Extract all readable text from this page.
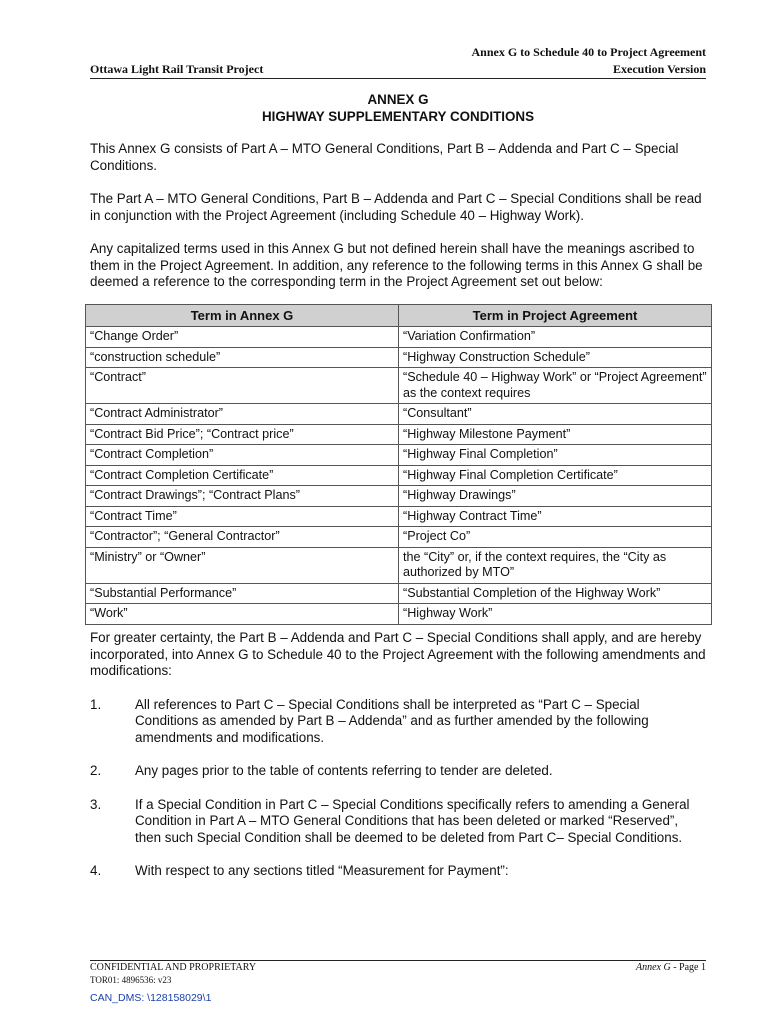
Annex G to Schedule 40 to Project Agreement
Execution Version
Ottawa Light Rail Transit Project
ANNEX G
HIGHWAY SUPPLEMENTARY CONDITIONS

This Annex G consists of Part A – MTO General Conditions, Part B – Addenda and Part C – Special Conditions.

The Part A – MTO General Conditions, Part B – Addenda and Part C – Special Conditions shall be read in conjunction with the Project Agreement (including Schedule 40 – Highway Work).

Any capitalized terms used in this Annex G but not defined herein shall have the meanings ascribed to them in the Project Agreement. In addition, any reference to the following terms in this Annex G shall be deemed a reference to the corresponding term in the Project Agreement set out below:

Term in Annex G	Term in Project Agreement
“Change Order”	“Variation Confirmation”
“construction schedule”	“Highway Construction Schedule”
“Contract”	“Schedule 40 – Highway Work” or “Project Agreement” as the context requires
“Contract Administrator”	“Consultant”
“Contract Bid Price”; “Contract price”	“Highway Milestone Payment”
“Contract Completion”	“Highway Final Completion”
“Contract Completion Certificate”	“Highway Final Completion Certificate”
“Contract Drawings”; “Contract Plans”	“Highway Drawings”
“Contract Time”	“Highway Contract Time”
“Contractor”; “General Contractor”	“Project Co”
“Ministry” or “Owner”	the “City” or, if the context requires, the “City as authorized by MTO”
“Substantial Performance”	“Substantial Completion of the Highway Work”
“Work”	“Highway Work”

For greater certainty, the Part B – Addenda and Part C – Special Conditions shall apply, and are hereby incorporated, into Annex G to Schedule 40 to the Project Agreement with the following amendments and modifications:

1.	All references to Part C – Special Conditions shall be interpreted as “Part C – Special Conditions as amended by Part B – Addenda” and as further amended by the following amendments and modifications.
2.	Any pages prior to the table of contents referring to tender are deleted.
3.	If a Special Condition in Part C – Special Conditions specifically refers to amending a General Condition in Part A – MTO General Conditions that has been deleted or marked “Reserved”, then such Special Condition shall be deemed to be deleted from Part C– Special Conditions.
4.	With respect to any sections titled “Measurement for Payment”:
CONFIDENTIAL AND PROPRIETARY	Annex G - Page 1
TOR01: 4896536: v23
CAN_DMS: \128158029\1
